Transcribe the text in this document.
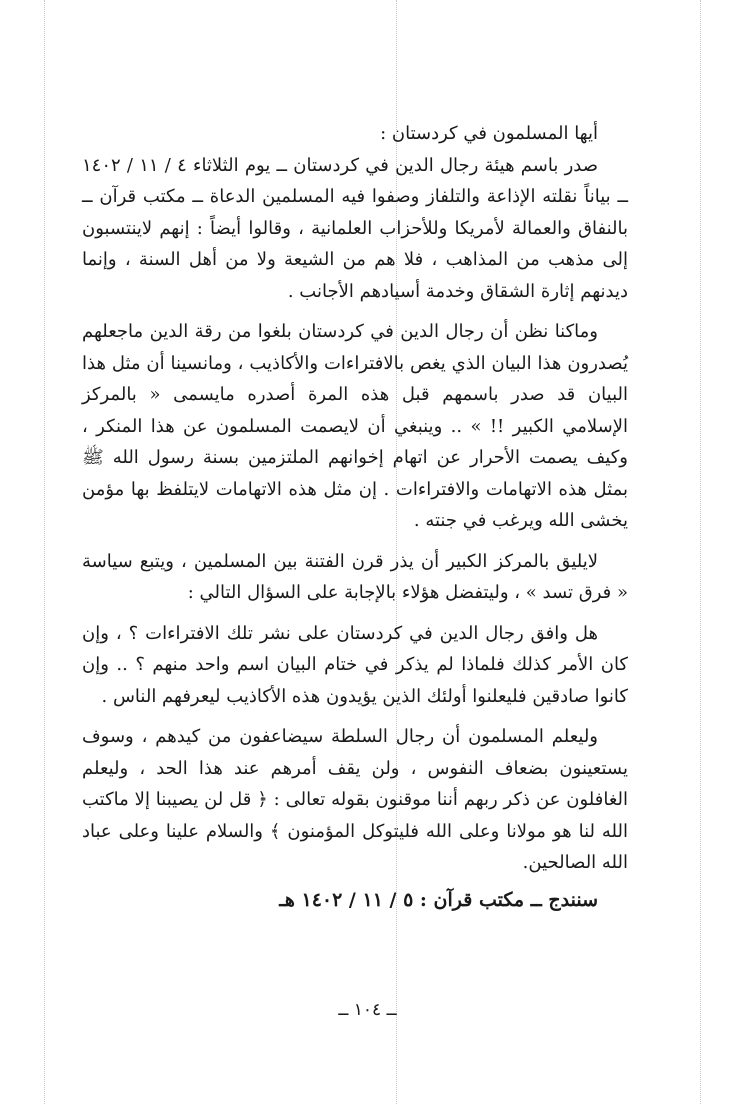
أيها المسلمون في كردستان :

صدر باسم هيئة رجال الدين في كردستان ــ يوم الثلاثاء ٤ / ١١ / ١٤٠٢ ــ بياناً نقلته الإذاعة والتلفاز وصفوا فيه المسلمين الدعاة ــ مكتب قرآن ــ بالنفاق والعمالة لأمريكا وللأحزاب العلمانية ، وقالوا أيضاً : إنهم لاينتسبون إلى مذهب من المذاهب ، فلا هم من الشيعة ولا من أهل السنة ، وإنما ديدنهم إثارة الشقاق وخدمة أسيادهم الأجانب .

وماكنا نظن أن رجال الدين في كردستان بلغوا من رقة الدين ماجعلهم يُصدرون هذا البيان الذي يغص بالافتراءات والأكاذيب ، ومانسينا أن مثل هذا البيان قد صدر باسمهم قبل هذه المرة أصدره مايسمى « بالمركز الإسلامي الكبير !! » .. وينبغي أن لايصمت المسلمون عن هذا المنكر ، وكيف يصمت الأحرار عن اتهام إخوانهم الملتزمين بسنة رسول الله ﷺ بمثل هذه الاتهامات والافتراءات . إن مثل هذه الاتهامات لايتلفظ بها مؤمن يخشى الله ويرغب في جنته .

لايليق بالمركز الكبير أن يذر قرن الفتنة بين المسلمين ، ويتبع سياسة « فرق تسد » ، وليتفضل هؤلاء بالإجابة على السؤال التالي :

هل وافق رجال الدين في كردستان على نشر تلك الافتراءات ؟ ، وإن كان الأمر كذلك فلماذا لم يذكر في ختام البيان اسم واحد منهم ؟ .. وإن كانوا صادقين فليعلنوا أولئك الذين يؤيدون هذه الأكاذيب ليعرفهم الناس .

وليعلم المسلمون أن رجال السلطة سيضاعفون من كيدهم ، وسوف يستعينون بضعاف النفوس ، ولن يقف أمرهم عند هذا الحد ، وليعلم الغافلون عن ذكر ربهم أننا موقنون بقوله تعالى : ﴿ قل لن يصيبنا إلا ماكتب الله لنا هو مولانا وعلى الله فليتوكل المؤمنون ﴾ والسلام علينا وعلى عباد الله الصالحين.

سنندج ــ مكتب قرآن : ٥ / ١١ / ١٤٠٢ هـ
ــ ١٠٤ ــ
